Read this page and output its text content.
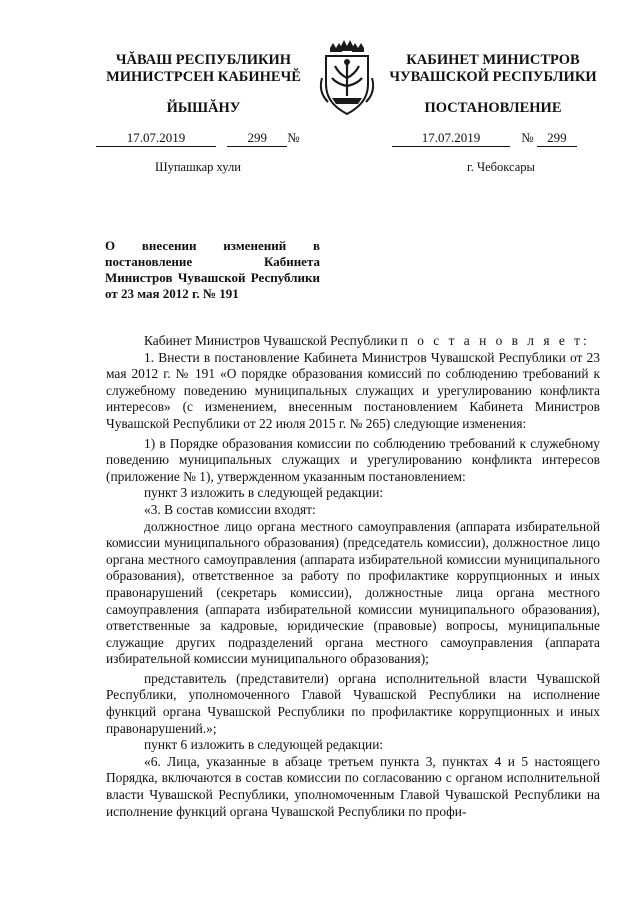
ЧĂВАШ РЕСПУБЛИКИН
МИНИСТРСЕН КАБИНЕЧĔ
ЙЫШĂНУ
КАБИНЕТ МИНИСТРОВ
ЧУВАШСКОЙ РЕСПУБЛИКИ
ПОСТАНОВЛЕНИЕ
17.07.2019	299 №	17.07.2019	№ 299
Шупашкар хули	г. Чебоксары
О внесении изменений в постановление Кабинета Министров Чувашской Республики от 23 мая 2012 г. № 191

Кабинет Министров Чувашской Республики п о с т а н о в л я е т:

1. Внести в постановление Кабинета Министров Чувашской Республики от 23 мая 2012 г. № 191 «О порядке образования комиссий по соблюдению требований к служебному поведению муниципальных служащих и урегулированию конфликта интересов» (с изменением, внесенным постановлением Кабинета Министров Чувашской Республики от 22 июля 2015 г. № 265) следующие изменения:

1) в Порядке образования комиссии по соблюдению требований к служебному поведению муниципальных служащих и урегулированию конфликта интересов (приложение № 1), утвержденном указанным постановлением:

пункт 3 изложить в следующей редакции:

«3. В состав комиссии входят:

должностное лицо органа местного самоуправления (аппарата избирательной комиссии муниципального образования) (председатель комиссии), должностное лицо органа местного самоуправления (аппарата избирательной комиссии муниципального образования), ответственное за работу по профилактике коррупционных и иных правонарушений (секретарь комиссии), должностные лица органа местного самоуправления (аппарата избирательной комиссии муниципального образования), ответственные за кадровые, юридические (правовые) вопросы, муниципальные служащие других подразделений органа местного самоуправления (аппарата избирательной комиссии муниципального образования);

представитель (представители) органа исполнительной власти Чувашской Республики, уполномоченного Главой Чувашской Республики на исполнение функций органа Чувашской Республики по профилактике коррупционных и иных правонарушений.»;

пункт 6 изложить в следующей редакции:

«6. Лица, указанные в абзаце третьем пункта 3, пунктах 4 и 5 настоящего Порядка, включаются в состав комиссии по согласованию с органом исполнительной власти Чувашской Республики, уполномоченным Главой Чувашской Республики на исполнение функций органа Чувашской Республики по профи-
